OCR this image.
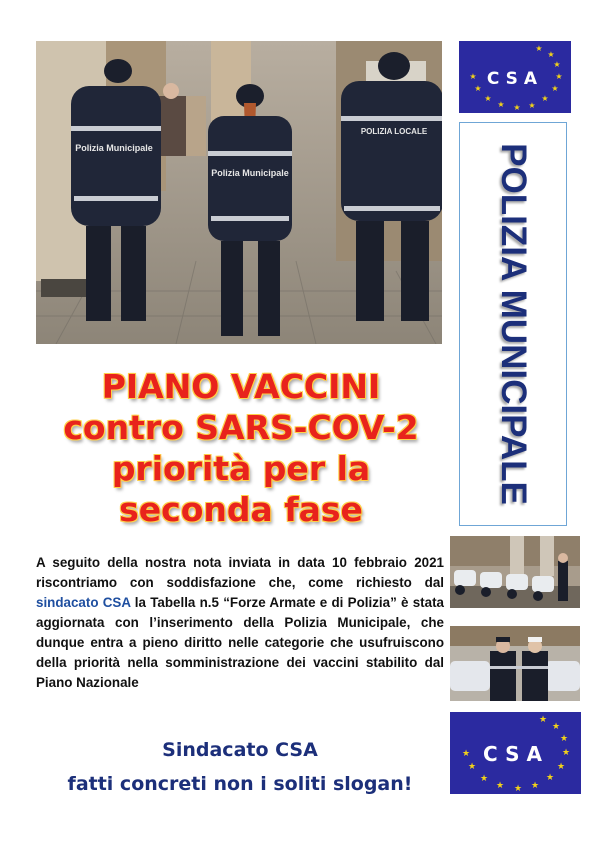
Polizia Municipale
Polizia Municipale
POLIZIA LOCALE
★
★
★
★
★
★
★
★
★
★
★
★
CSA
POLIZIA MUNICIPALE
PIANO VACCINI
contro SARS-COV-2
priorità per la
seconda fase
A seguito della nostra nota inviata in data 10 febbraio 2021 riscontriamo con soddisfazione che, come richiesto dal sindacato CSA la Tabella n.5 “Forze Armate e di Polizia” è stata aggiornata con l’inserimento della Polizia Municipale, che dunque entra a pieno diritto nelle categorie che usufruiscono della priorità nella somministrazione dei vaccini stabilito dal Piano Nazionale
Sindacato CSA
fatti concreti non i soliti slogan!
★
★
★
★
★
★
★
★
★
★
★
★
CSA
